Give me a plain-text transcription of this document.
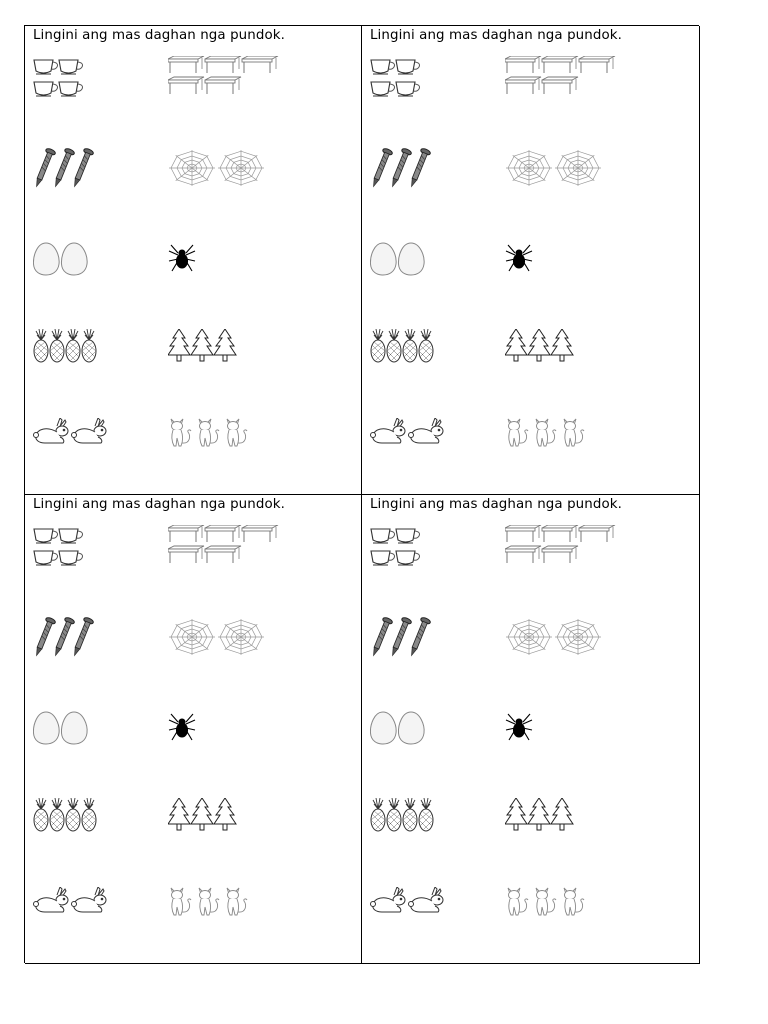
Lingini ang mas daghan nga pundok.	Lingini ang mas daghan nga pundok.
Lingini ang mas daghan nga pundok.	Lingini ang mas daghan nga pundok.
